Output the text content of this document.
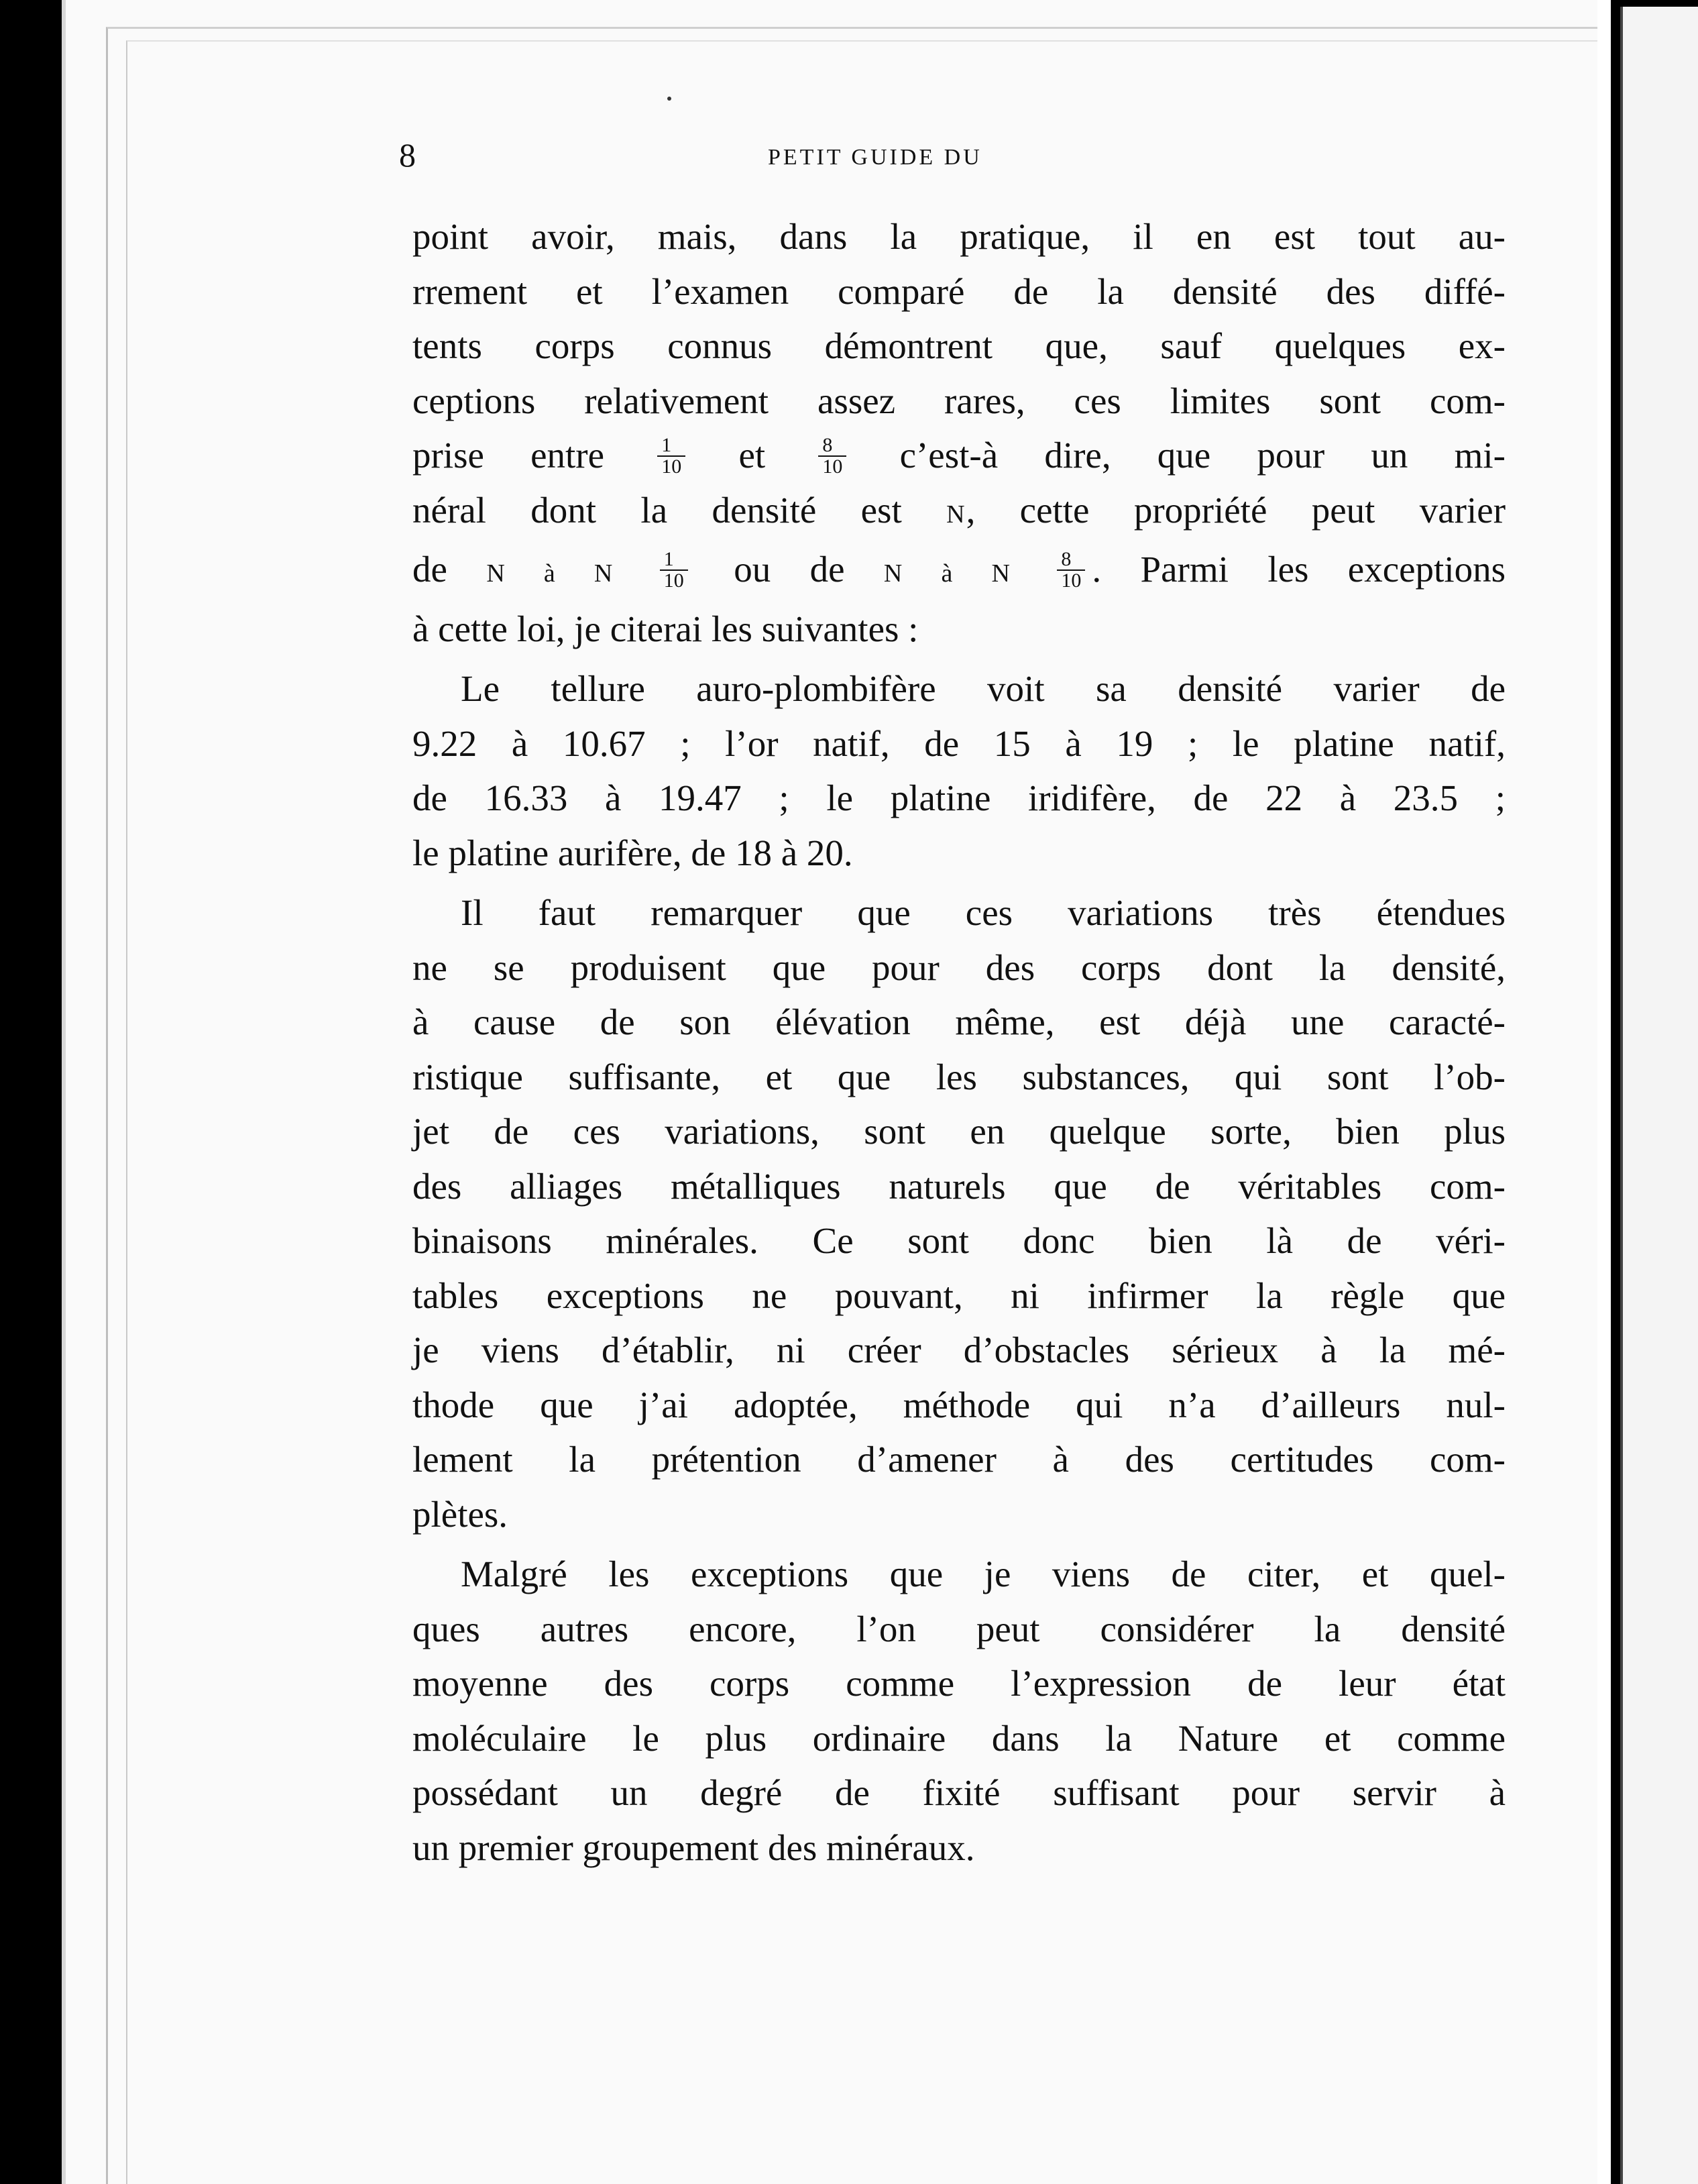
8	PETIT GUIDE DU

point avoir, mais, dans la pratique, il en est tout au-
rrement et l’examen comparé de la densité des diffé-
tents corps connus démontrent que, sauf quelques ex-
ceptions relativement assez rares, ces limites sont com-
prise entre	$\frac{1}{10}$ et	$\frac{8}{10}$ c’est-à dire, que pour un mi-
néral dont la densité est N, cette propriété peut varier
de N à N $\frac{1}{10}$ ou de N à N $\frac{8}{10}$ . Parmi les exceptions
à cette loi, je citerai les suivantes :

Le tellure auro-plombifère voit sa densité varier de
9.22 à 10.67 ; l’or natif, de 15 à 19 ; le platine natif,
de 16.33 à 19.47 ; le platine iridifère, de 22 à 23.5 ;
le platine aurifère, de 18 à 20.

Il faut remarquer que ces variations très étendues
ne se produisent que pour des corps dont la densité,
à cause de son élévation même, est déjà une caracté-
ristique suffisante, et que les substances, qui sont l’ob-
jet de ces variations, sont en quelque sorte, bien plus
des alliages métalliques naturels que de véritables com-
binaisons minérales. Ce sont donc bien là de véri-
tables exceptions ne pouvant, ni infirmer la règle que
je viens d’établir, ni créer d’obstacles sérieux à la mé-
thode que j’ai adoptée, méthode qui n’a d’ailleurs nul-
lement la prétention d’amener à des certitudes com-
plètes.

Malgré les exceptions que je viens de citer, et quel-
ques autres encore, l’on peut considérer la densité
moyenne des corps comme l’expression de leur état
moléculaire le plus ordinaire dans la Nature et comme
possédant un degré de fixité suffisant pour servir à
un premier groupement des minéraux.
